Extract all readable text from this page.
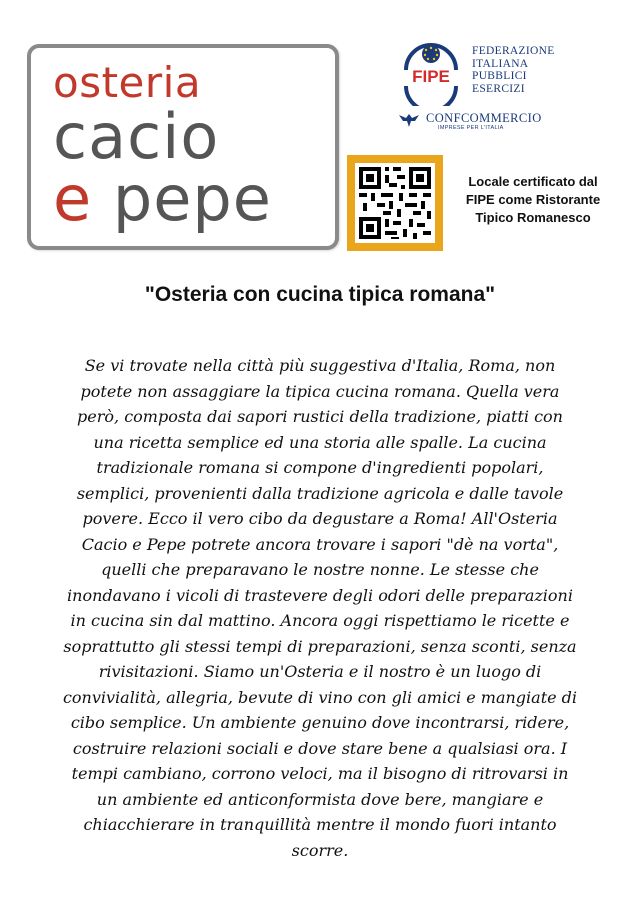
osteria
cacio
e pepe
FIPE
FEDERAZIONE
ITALIANA
PUBBLICI
ESERCIZI
CONFCOMMERCIO
IMPRESE PER L'ITALIA
Locale certificato dal
FIPE come Ristorante
Tipico Romanesco
"Osteria con cucina tipica romana"
Se vi trovate nella città più suggestiva d'Italia, Roma, non potete non assaggiare la tipica cucina romana. Quella vera però, composta dai sapori rustici della tradizione, piatti con una ricetta semplice ed una storia alle spalle. La cucina tradizionale romana si compone d'ingredienti popolari, semplici, provenienti dalla tradizione agricola e dalle tavole povere. Ecco il vero cibo da degustare a Roma! All'Osteria Cacio e Pepe potrete ancora trovare i sapori "dè na vorta", quelli che preparavano le nostre nonne. Le stesse che inondavano i vicoli di trastevere degli odori delle preparazioni in cucina sin dal mattino. Ancora oggi rispettiamo le ricette e soprattutto gli stessi tempi di preparazioni, senza sconti, senza rivisitazioni. Siamo un'Osteria e il nostro è un luogo di convivialità, allegria, bevute di vino con gli amici e mangiate di cibo semplice. Un ambiente genuino dove incontrarsi, ridere, costruire relazioni sociali e dove stare bene a qualsiasi ora. I tempi cambiano, corrono veloci, ma il bisogno di ritrovarsi in un ambiente ed anticonformista dove bere, mangiare e chiacchierare in tranquillità mentre il mondo fuori intanto scorre.
